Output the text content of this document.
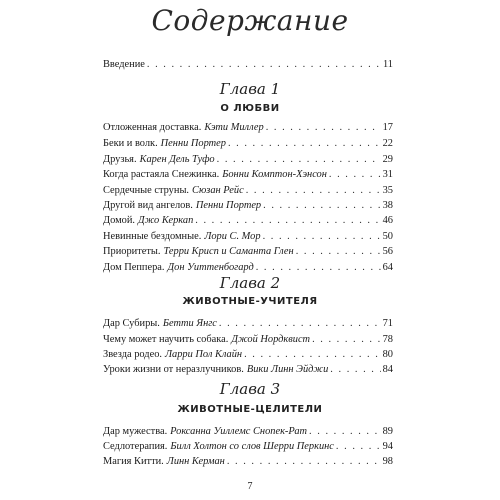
Содержание
Введение . . .	11
Глава 1
О ЛЮБВИ
Отложенная доставка. Кэти Миллер . . .	17
Беки и волк. Пенни Портер . . .	22
Друзья. Карен Дель Туфо . . .	29
Когда растаяла Снежинка. Бонни Комптон-Хэнсон . . .	31
Сердечные струны. Сюзан Рейс . . .	35
Другой вид ангелов. Пенни Портер . . .	38
Домой. Джо Керкап . . .	46
Невинные бездомные. Лори С. Мор . . .	50
Приоритеты. Терри Крисп и Саманта Глен . . .	56
Дом Пеппера. Дон Уиттенбогард . . .	64
Глава 2
ЖИВОТНЫЕ-УЧИТЕЛЯ
Дар Субиры. Бетти Янгс . . .	71
Чему может научить собака. Джой Нордквист . . .	78
Звезда родео. Ларри Пол Клайн . . .	80
Уроки жизни от неразлучников. Вики Линн Эйджи . . .	84
Глава 3
ЖИВОТНЫЕ-ЦЕЛИТЕЛИ
Дар мужества. Роксанна Уиллемс Снопек-Рат . . .	89
Седлотерапия. Билл Холтон со слов Шерри Перкинс . . .	94
Магия Китти. Линн Керман . . .	98
7
